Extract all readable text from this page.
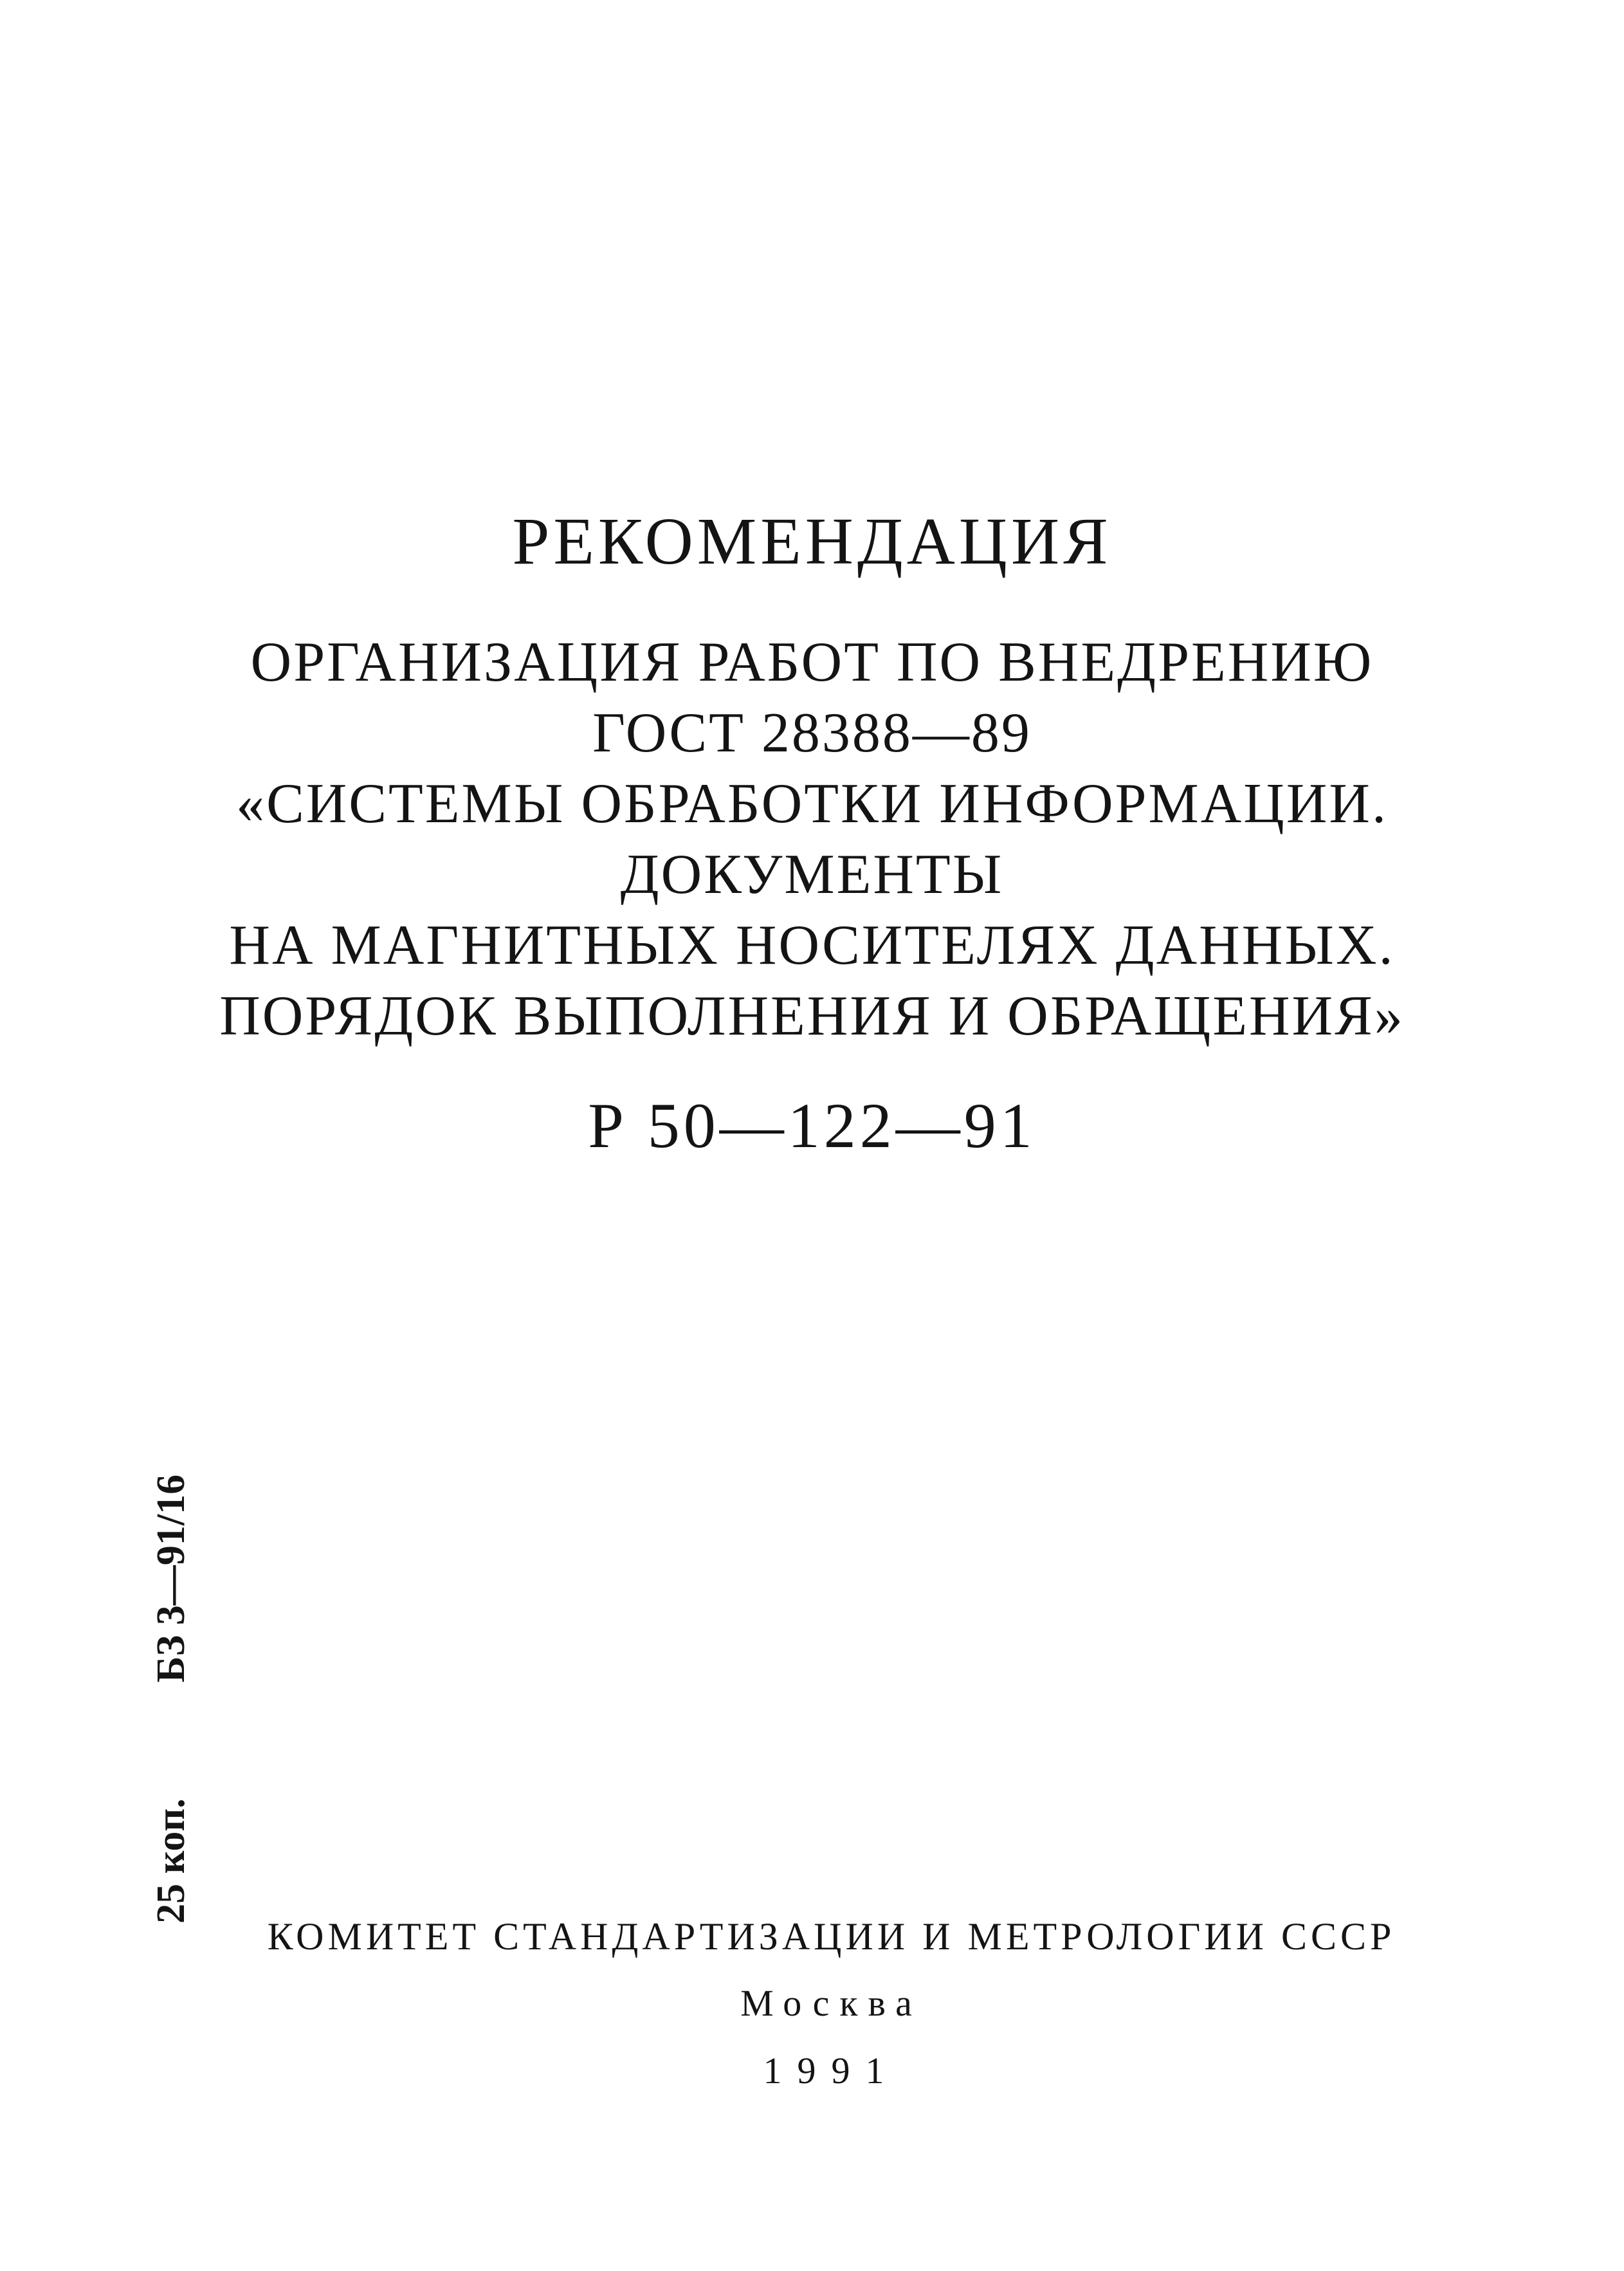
РЕКОМЕНДАЦИЯ
ОРГАНИЗАЦИЯ РАБОТ ПО ВНЕДРЕНИЮ
ГОСТ 28388—89
«СИСТЕМЫ ОБРАБОТКИ ИНФОРМАЦИИ.
ДОКУМЕНТЫ
НА МАГНИТНЫХ НОСИТЕЛЯХ ДАННЫХ.
ПОРЯДОК ВЫПОЛНЕНИЯ И ОБРАЩЕНИЯ»
Р 50—122—91
25 коп.БЗ 3—91/16
КОМИТЕТ СТАНДАРТИЗАЦИИ И МЕТРОЛОГИИ СССР
Москва
1991
